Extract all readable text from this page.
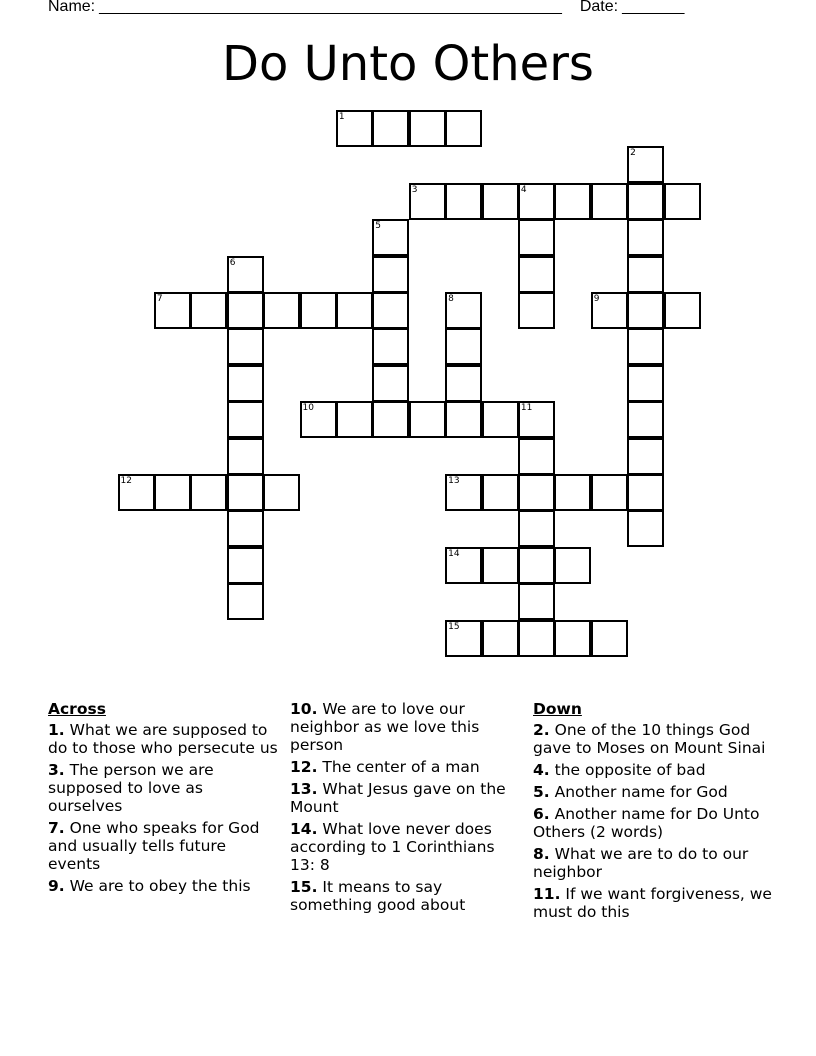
Name:____________________________________________________ Date:_______
Do Unto Others
1
2
3	4
5
6
7	8	9
10	11
12	13
14
15
Across
1. What we are supposed to do to those who persecute us
3. The person we are supposed to love as ourselves
7. One who speaks for God and usually tells future events
9. We are to obey the this
10. We are to love our neighbor as we love this person
12. The center of a man
13. What Jesus gave on the Mount
14. What love never does according to 1 Corinthians 13: 8
15. It means to say something good about
Down
2. One of the 10 things God gave to Moses on Mount Sinai
4. the opposite of bad
5. Another name for God
6. Another name for Do Unto Others (2 words)
8. What we are to do to our neighbor
11. If we want forgiveness, we must do this
